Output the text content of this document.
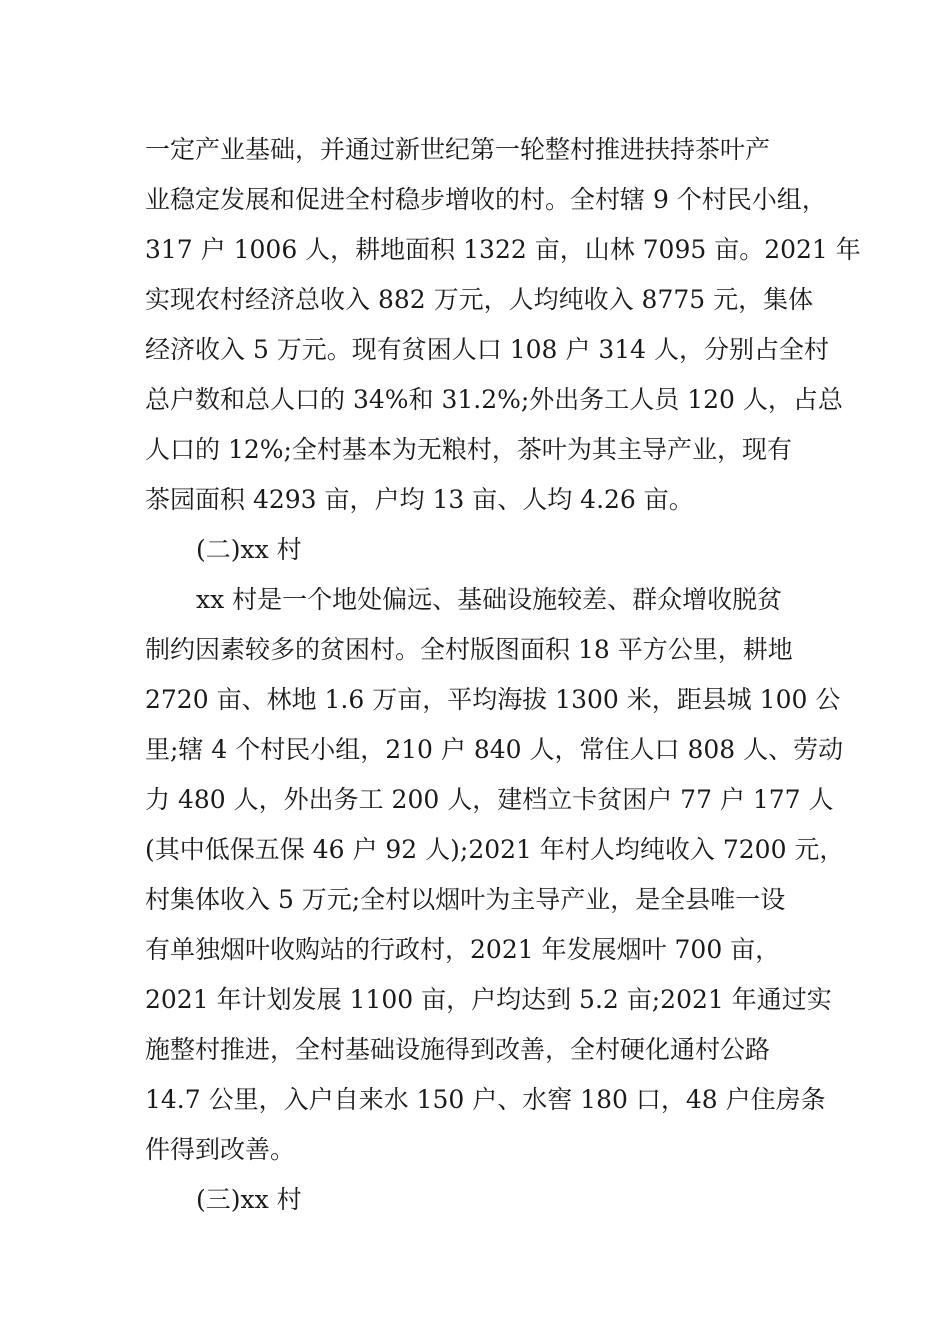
一定产业基础，并通过新世纪第一轮整村推进扶持茶叶产
业稳定发展和促进全村稳步增收的村。全村辖 9 个村民小组，
317 户 1006 人，耕地面积 1322 亩，山林 7095 亩。2021 年
实现农村经济总收入 882 万元，人均纯收入 8775 元，集体
经济收入 5 万元。现有贫困人口 108 户 314 人，分别占全村
总户数和总人口的 34%和 31.2%;外出务工人员 120 人，占总
人口的 12%;全村基本为无粮村，茶叶为其主导产业，现有
茶园面积 4293 亩，户均 13 亩、人均 4.26 亩。
(二)xx 村
xx 村是一个地处偏远、基础设施较差、群众增收脱贫
制约因素较多的贫困村。全村版图面积 18 平方公里，耕地
2720 亩、林地 1.6 万亩，平均海拔 1300 米，距县城 100 公
里;辖 4 个村民小组，210 户 840 人，常住人口 808 人、劳动
力 480 人，外出务工 200 人，建档立卡贫困户 77 户 177 人
(其中低保五保 46 户 92 人);2021 年村人均纯收入 7200 元，
村集体收入 5 万元;全村以烟叶为主导产业，是全县唯一设
有单独烟叶收购站的行政村，2021 年发展烟叶 700 亩，
2021 年计划发展 1100 亩，户均达到 5.2 亩;2021 年通过实
施整村推进，全村基础设施得到改善，全村硬化通村公路
14.7 公里，入户自来水 150 户、水窖 180 口，48 户住房条
件得到改善。
(三)xx 村
